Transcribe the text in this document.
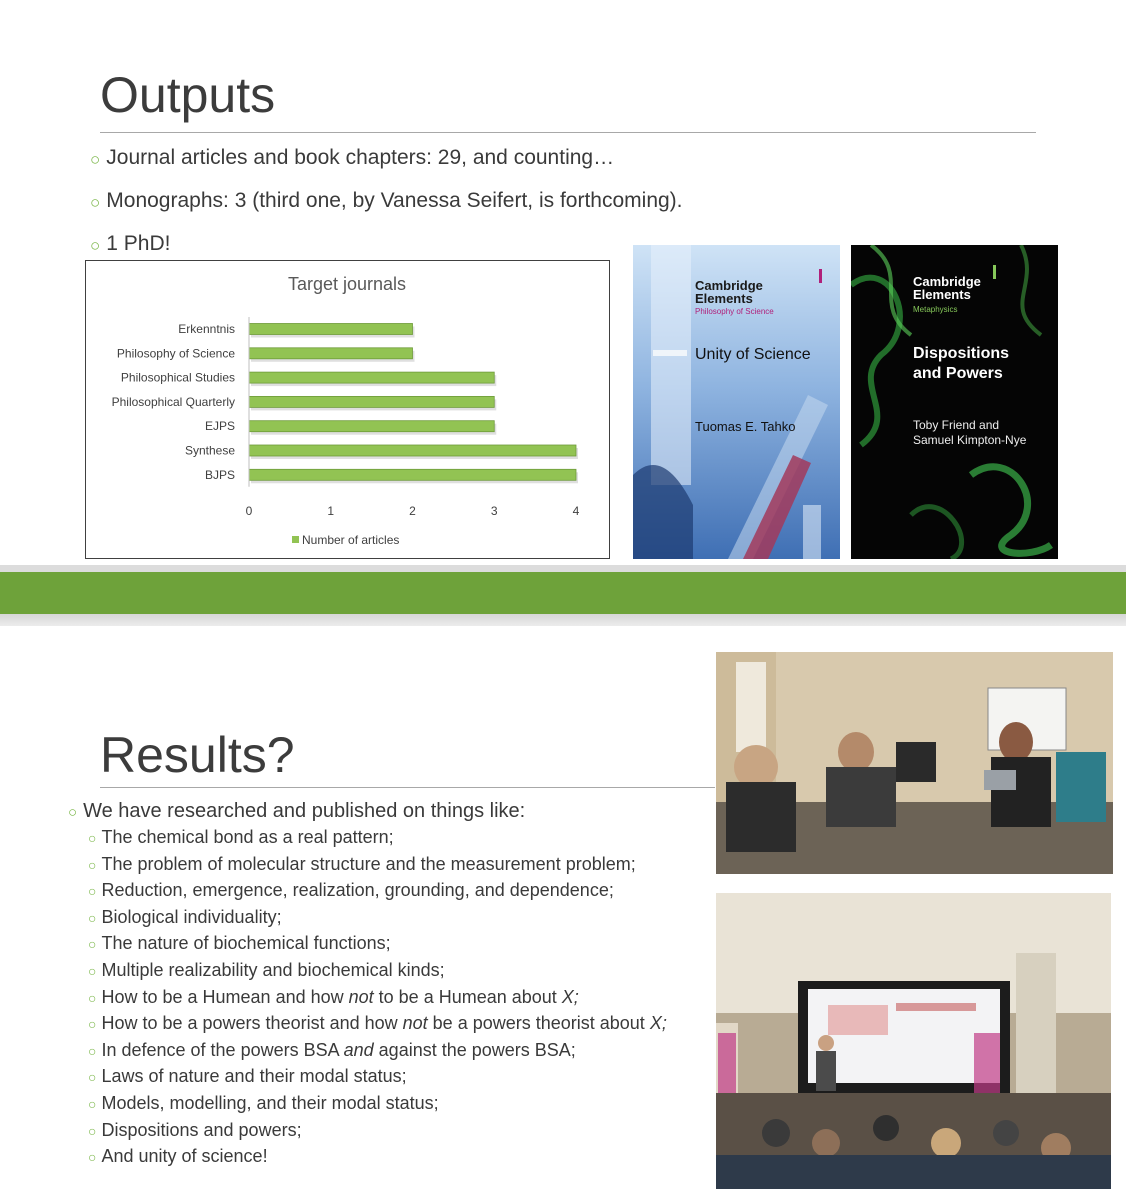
Outputs
○ Journal articles and book chapters: 29, and counting…
○ Monographs: 3 (third one, by Vanessa Seifert, is forthcoming).
○ 1 PhD!
Target journals
Erkenntnis
Philosophy of Science
Philosophical Studies
Philosophical Quarterly
EJPS
Synthese
BJPS
0	1	2	3	4
Number of articles
Cambridge
Elements
Philosophy of Science
Unity of Science
Tuomas E. Tahko
Cambridge
Elements
Metaphysics
Dispositions
and Powers
Toby Friend and
Samuel Kimpton-Nye
Results?
○ We have researched and published on things like:
○ The chemical bond as a real pattern;
○ The problem of molecular structure and the measurement problem;
○ Reduction, emergence, realization, grounding, and dependence;
○ Biological individuality;
○ The nature of biochemical functions;
○ Multiple realizability and biochemical kinds;
○ How to be a Humean and how not to be a Humean about X;
○ How to be a powers theorist and how not be a powers theorist about X;
○ In defence of the powers BSA and against the powers BSA;
○ Laws of nature and their modal status;
○ Models, modelling, and their modal status;
○ Dispositions and powers;
○ And unity of science!
